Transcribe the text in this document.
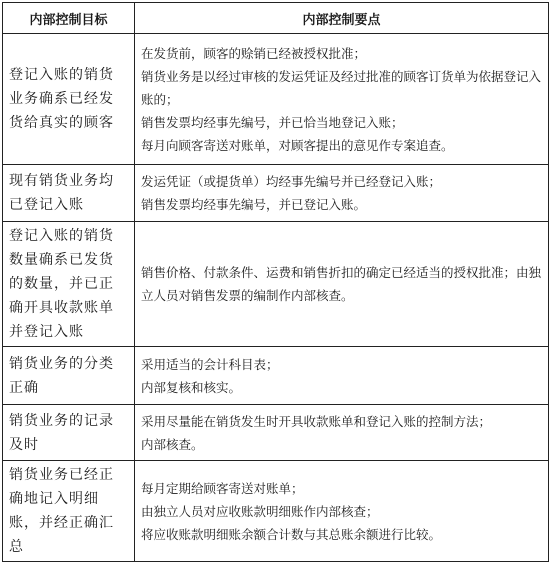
内部控制目标	内部控制要点
登记入账的销货业务确系已经发货给真实的顾客	在发货前，顾客的赊销已经被授权批准；
销货业务是以经过审核的发运凭证及经过批准的顾客订货单为依据登记入账的；
销售发票均经事先编号，并已恰当地登记入账；
每月向顾客寄送对账单，对顾客提出的意见作专案追查。

现有销货业务均已登记入账	发运凭证（或提货单）均经事先编号并已经登记入账；
销售发票均经事先编号，并已登记入账。

登记入账的销货数量确系已发货的数量，并已正确开具收款账单并登记入账	销售价格、付款条件、运费和销售折扣的确定已经适当的授权批准；由独立人员对销售发票的编制作内部核查。

销货业务的分类正确	采用适当的会计科目表；
内部复核和核实。

销货业务的记录及时	采用尽量能在销货发生时开具收款账单和登记入账的控制方法；
内部核查。

销货业务已经正确地记入明细账，并经正确汇总	每月定期给顾客寄送对账单；
由独立人员对应收账款明细账作内部核查；
将应收账款明细账余额合计数与其总账余额进行比较。
